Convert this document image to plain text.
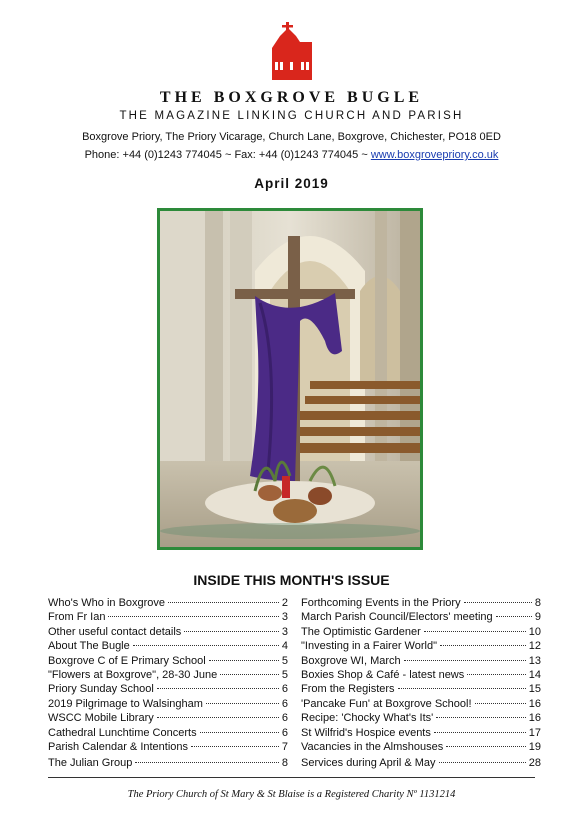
THE BOXGROVE BUGLE
THE MAGAZINE LINKING CHURCH AND PARISH
Boxgrove Priory, The Priory Vicarage, Church Lane, Boxgrove, Chichester, PO18 0ED
Phone: +44 (0)1243 774045 ~ Fax: +44 (0)1243 774045 ~ www.boxgrovepriory.co.uk
April 2019
INSIDE THIS MONTH'S ISSUE
Who's Who in Boxgrove	2
From Fr Ian	3
Other useful contact details	3
About The Bugle	4
Boxgrove C of E Primary School	5
"Flowers at Boxgrove", 28-30 June	5
Priory Sunday School	6
2019 Pilgrimage to Walsingham	6
WSCC Mobile Library	6
Cathedral Lunchtime Concerts	6
Parish Calendar & Intentions	7
The Julian Group	8
Forthcoming Events in the Priory	8
March Parish Council/Electors' meeting	9
The Optimistic Gardener	10
"Investing in a Fairer World"	12
Boxgrove WI, March	13
Boxies Shop & Café - latest news	14
From the Registers	15
'Pancake Fun' at Boxgrove School!	16
Recipe: 'Chocky What's Its'	16
St Wilfrid's Hospice events	17
Vacancies in the Almshouses	19
Services during April & May	28
The Priory Church of St Mary & St Blaise is a Registered Charity Nº 1131214
